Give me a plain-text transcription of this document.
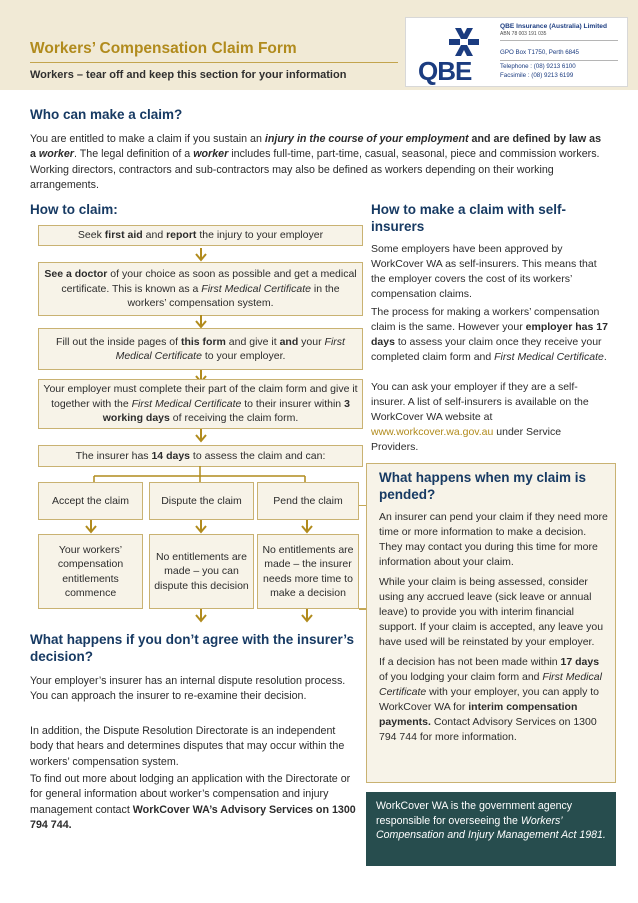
Workers’ Compensation Claim Form
Workers – tear off and keep this section for your information	QBE
QBE Insurance (Australia) Limited
ABN 78 003 191 035
GPO Box T1750, Perth 6845
Telephone : (08) 9213 6100
Facsimile : (08) 9213 6199
Who can make a claim?

You are entitled to make a claim if you sustain an injury in the course of your employment and are defined by law as a worker. The legal definition of a worker includes full-time, part-time, casual, seasonal, piece and commission workers. Working directors, contractors and sub-contractors may also be defined as workers depending on their working arrangements.

How to claim:
Seek first aid and report the injury to your employer
See a doctor of your choice as soon as possible and get a medical certificate. This is known as a First Medical Certificate in the workers’ compensation system.
Fill out the inside pages of this form and give it and your First Medical Certificate to your employer.
Your employer must complete their part of the claim form and give it together with the First Medical Certificate to their insurer within 3 working days of receiving the claim form.
The insurer has 14 days to assess the claim and can:
Accept the claim	Dispute the claim	Pend the claim
Your workers’ compensation entitlements commence
No entitlements are made – you can dispute this decision
No entitlements are made – the insurer needs more time to make a decision
What happens if you don’t agree with the insurer’s decision?

Your employer’s insurer has an internal dispute resolution process. You can approach the insurer to re-examine their decision.

In addition, the Dispute Resolution Directorate is an independent body that hears and determines disputes that may occur within the workers’ compensation system.

To find out more about lodging an application with the Directorate or for general information about worker’s compensation and injury management contact WorkCover WA’s Advisory Services on 1300 794 744.

How to make a claim with self-insurers

Some employers have been approved by WorkCover WA as self-insurers. This means that the employer covers the cost of its workers’ compensation claims.

The process for making a workers’ compensation claim is the same. However your employer has 17 days to assess your claim once they receive your completed claim form and First Medical Certificate.

You can ask your employer if they are a self-insurer. A list of self-insurers is available on the WorkCover WA website at www.workcover.wa.gov.au under Service Providers.

What happens when my claim is pended?

An insurer can pend your claim if they need more time or more information to make a decision. They may contact you during this time for more information about your claim.

While your claim is being assessed, consider using any accrued leave (sick leave or annual leave) to provide you with interim financial support. If your claim is accepted, any leave you have used will be reinstated by your employer.

If a decision has not been made within 17 days of you lodging your claim form and First Medical Certificate with your employer, you can apply to WorkCover WA for interim compensation payments. Contact Advisory Services on 1300 794 744 for more information.

WorkCover WA is the government agency responsible for overseeing the Workers’ Compensation and Injury Management Act 1981.
